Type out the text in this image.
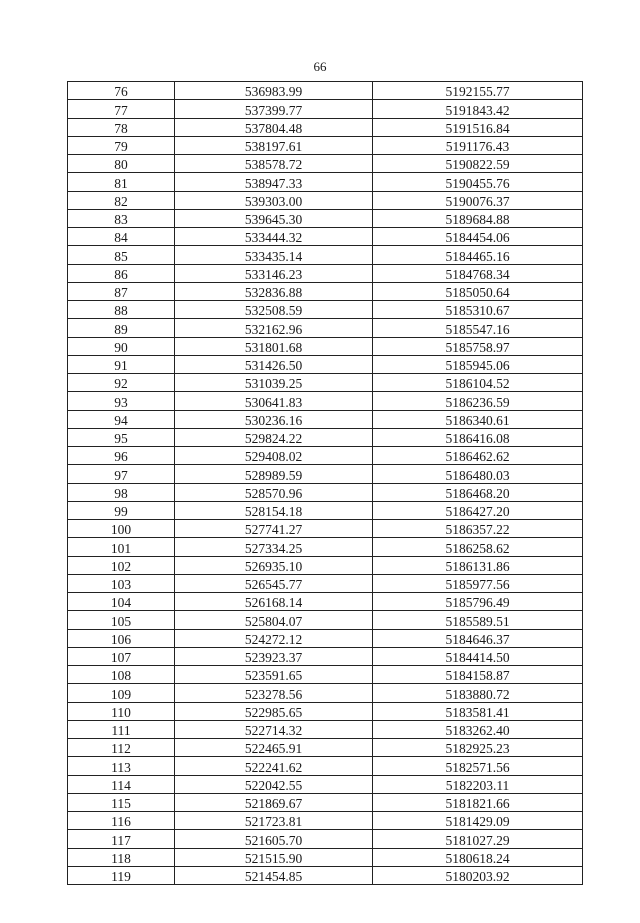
66
76	536983.99	5192155.77
77	537399.77	5191843.42
78	537804.48	5191516.84
79	538197.61	5191176.43
80	538578.72	5190822.59
81	538947.33	5190455.76
82	539303.00	5190076.37
83	539645.30	5189684.88
84	533444.32	5184454.06
85	533435.14	5184465.16
86	533146.23	5184768.34
87	532836.88	5185050.64
88	532508.59	5185310.67
89	532162.96	5185547.16
90	531801.68	5185758.97
91	531426.50	5185945.06
92	531039.25	5186104.52
93	530641.83	5186236.59
94	530236.16	5186340.61
95	529824.22	5186416.08
96	529408.02	5186462.62
97	528989.59	5186480.03
98	528570.96	5186468.20
99	528154.18	5186427.20
100	527741.27	5186357.22
101	527334.25	5186258.62
102	526935.10	5186131.86
103	526545.77	5185977.56
104	526168.14	5185796.49
105	525804.07	5185589.51
106	524272.12	5184646.37
107	523923.37	5184414.50
108	523591.65	5184158.87
109	523278.56	5183880.72
110	522985.65	5183581.41
111	522714.32	5183262.40
112	522465.91	5182925.23
113	522241.62	5182571.56
114	522042.55	5182203.11
115	521869.67	5181821.66
116	521723.81	5181429.09
117	521605.70	5181027.29
118	521515.90	5180618.24
119	521454.85	5180203.92
